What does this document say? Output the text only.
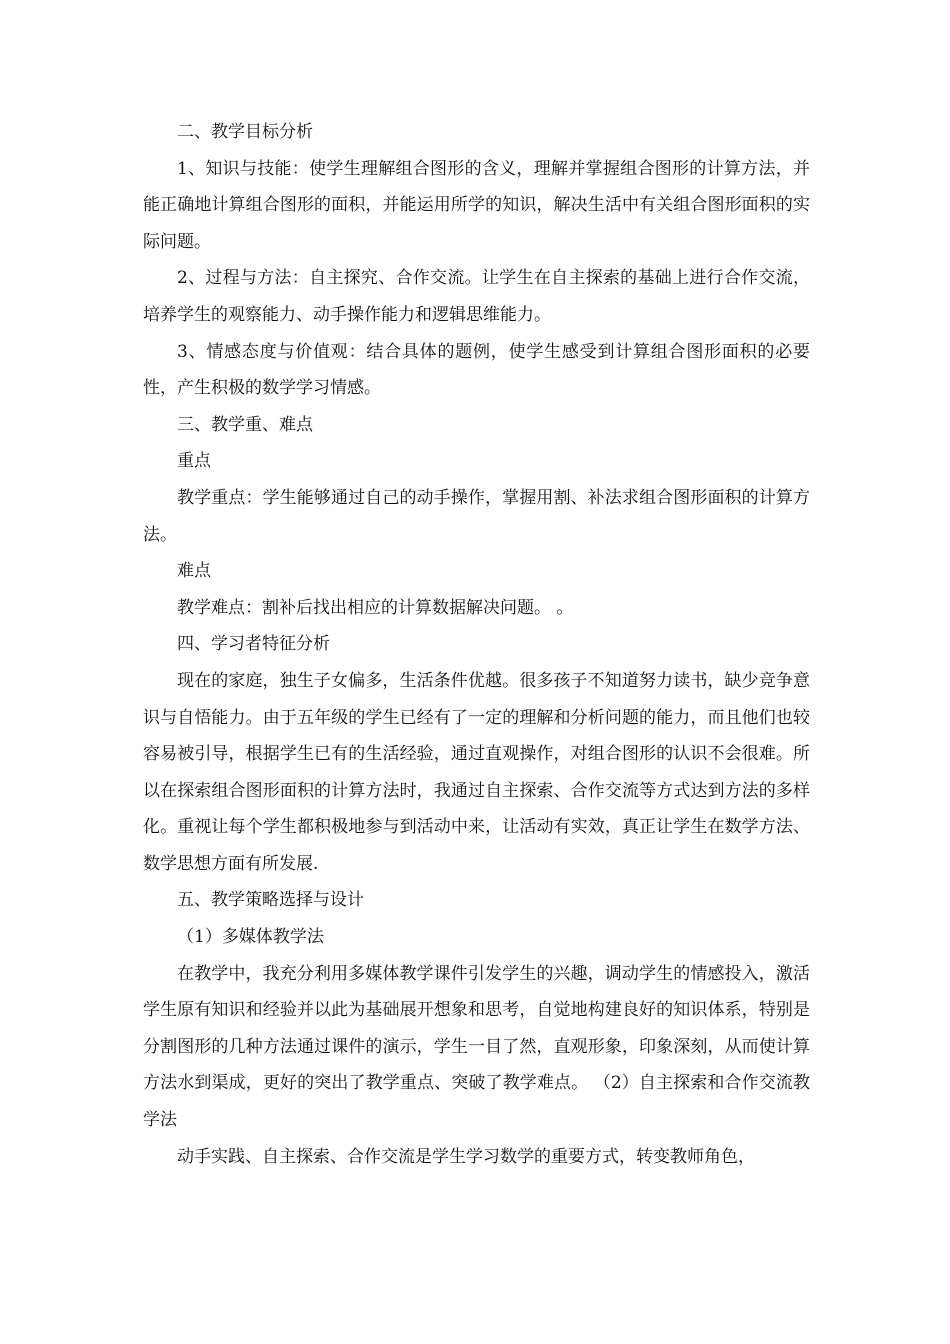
二、教学目标分析

1、知识与技能：使学生理解组合图形的含义，理解并掌握组合图形的计算方法，并能正确地计算组合图形的面积，并能运用所学的知识，解决生活中有关组合图形面积的实际问题。

2、过程与方法：自主探究、合作交流。让学生在自主探索的基础上进行合作交流，培养学生的观察能力、动手操作能力和逻辑思维能力。

3、情感态度与价值观：结合具体的题例，使学生感受到计算组合图形面积的必要性，产生积极的数学学习情感。

三、教学重、难点

重点

教学重点：学生能够通过自己的动手操作，掌握用割、补法求组合图形面积的计算方法。

难点

教学难点：割补后找出相应的计算数据解决问题。 。

四、学习者特征分析

现在的家庭，独生子女偏多，生活条件优越。很多孩子不知道努力读书，缺少竞争意识与自悟能力。由于五年级的学生已经有了一定的理解和分析问题的能力，而且他们也较容易被引导，根据学生已有的生活经验，通过直观操作，对组合图形的认识不会很难。所以在探索组合图形面积的计算方法时，我通过自主探索、合作交流等方式达到方法的多样化。重视让每个学生都积极地参与到活动中来，让活动有实效，真正让学生在数学方法、数学思想方面有所发展.

五、教学策略选择与设计

（1）多媒体教学法

在教学中，我充分利用多媒体教学课件引发学生的兴趣，调动学生的情感投入，激活学生原有知识和经验并以此为基础展开想象和思考，自觉地构建良好的知识体系，特别是分割图形的几种方法通过课件的演示，学生一目了然，直观形象，印象深刻，从而使计算方法水到渠成，更好的突出了教学重点、突破了教学难点。 （2）自主探索和合作交流教学法

动手实践、自主探索、合作交流是学生学习数学的重要方式，转变教师角色，
